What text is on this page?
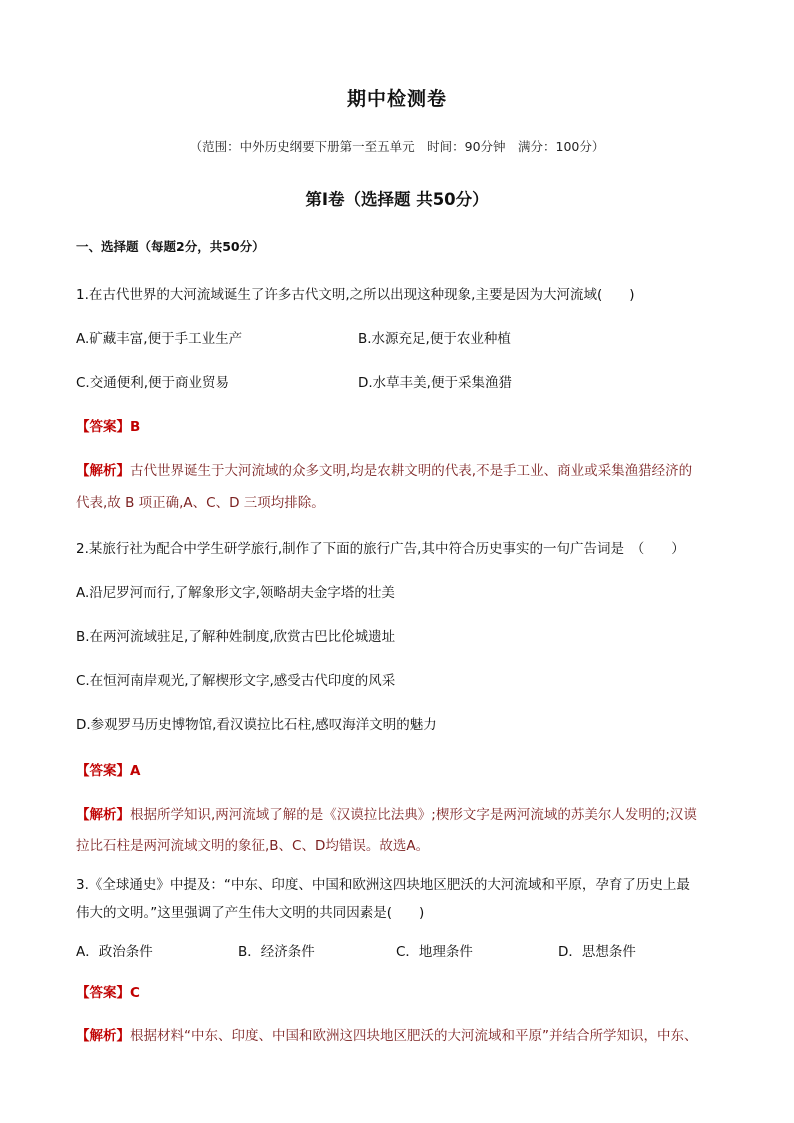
期中检测卷
（范围：中外历史纲要下册第一至五单元　时间：90分钟　满分：100分）
第Ⅰ卷（选择题 共50分）
一、选择题（每题2分，共50分）
1.在古代世界的大河流域诞生了许多古代文明,之所以出现这种现象,主要是因为大河流域(　　)
A.矿藏丰富,便于手工业生产	B.水源充足,便于农业种植
C.交通便利,便于商业贸易	D.水草丰美,便于采集渔猎
【答案】B
【解析】古代世界诞生于大河流域的众多文明,均是农耕文明的代表,不是手工业、商业或采集渔猎经济的
代表,故 B 项正确,A、C、D 三项均排除。
2.某旅行社为配合中学生研学旅行,制作了下面的旅行广告,其中符合历史事实的一句广告词是　（　　）
A.沿尼罗河而行,了解象形文字,领略胡夫金字塔的壮美
B.在两河流域驻足,了解种姓制度,欣赏古巴比伦城遗址
C.在恒河南岸观光,了解楔形文字,感受古代印度的风采
D.参观罗马历史博物馆,看汉谟拉比石柱,感叹海洋文明的魅力
【答案】A
【解析】根据所学知识,两河流域了解的是《汉谟拉比法典》;楔形文字是两河流域的苏美尔人发明的;汉谟
拉比石柱是两河流域文明的象征,B、C、D均错误。故选A。
3.《全球通史》中提及：“中东、印度、中国和欧洲这四块地区肥沃的大河流域和平原，孕育了历史上最
伟大的文明。”这里强调了产生伟大文明的共同因素是(　　)
A．政治条件	B．经济条件	C．地理条件	D．思想条件
【答案】C
【解析】根据材料“中东、印度、中国和欧洲这四块地区肥沃的大河流域和平原”并结合所学知识，中东、
